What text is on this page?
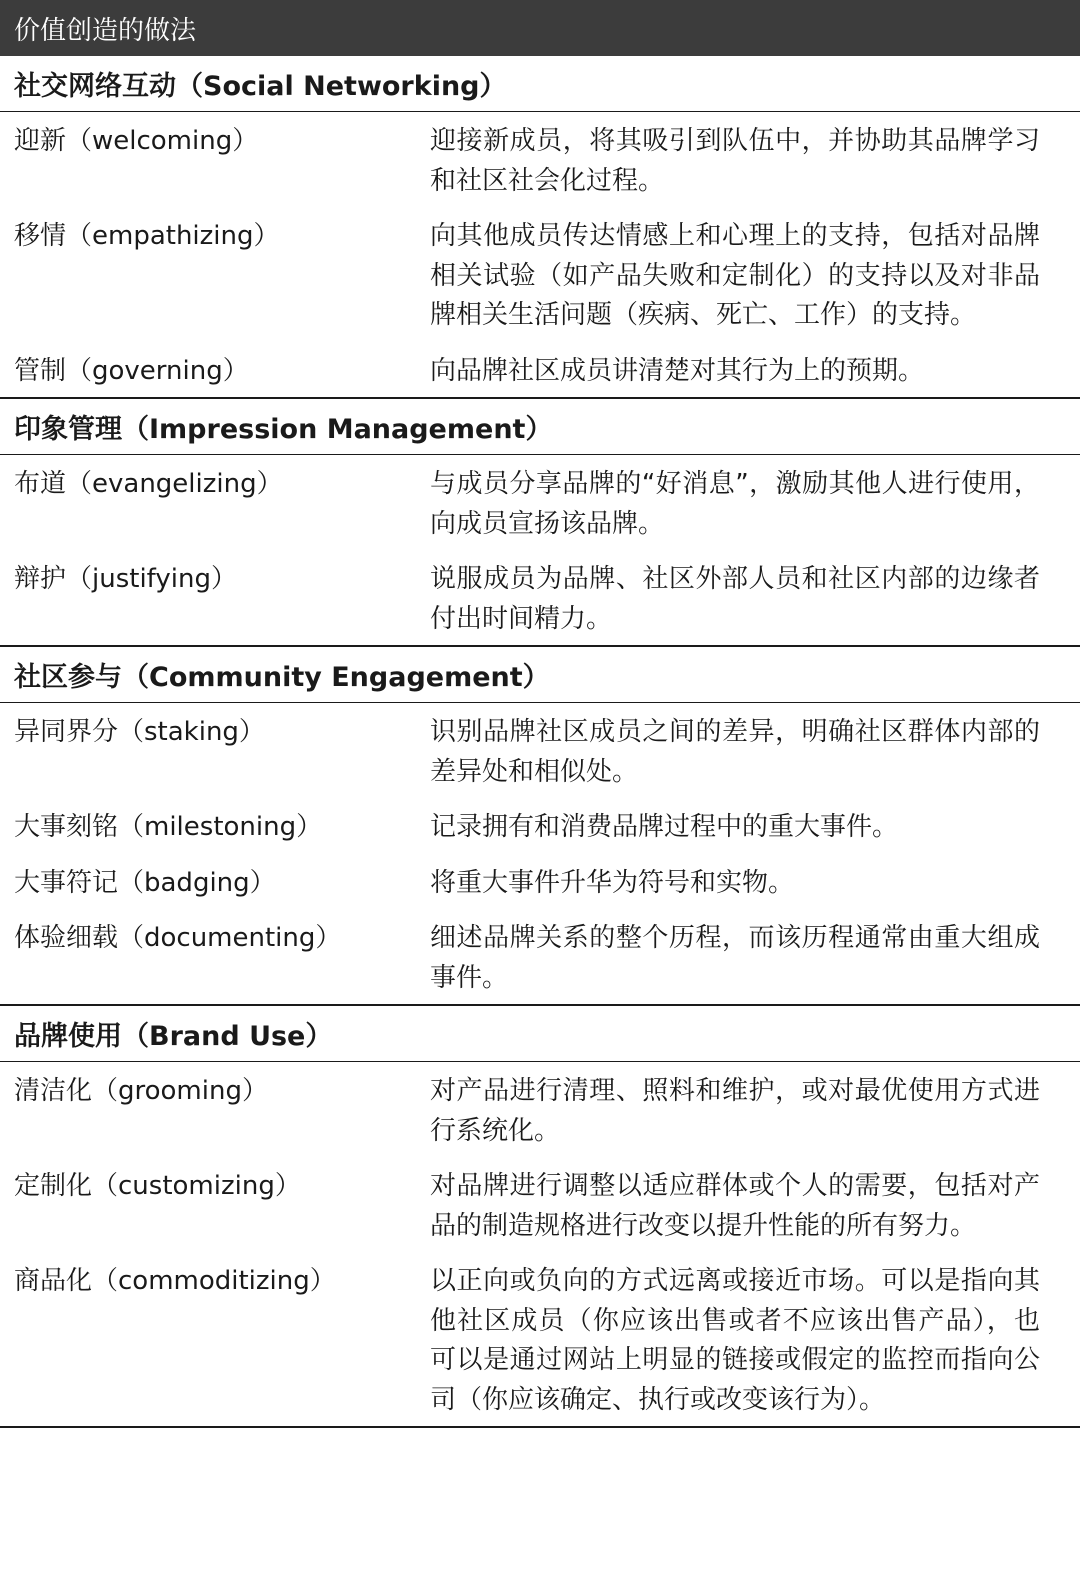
价值创造的做法
社交网络互动（Social Networking）
迎新（welcoming）	迎接新成员，将其吸引到队伍中，并协助其品牌学习和社区社会化过程。
移情（empathizing）	向其他成员传达情感上和心理上的支持，包括对品牌相关试验（如产品失败和定制化）的支持以及对非品牌相关生活问题（疾病、死亡、工作）的支持。
管制（governing）	向品牌社区成员讲清楚对其行为上的预期。
印象管理（Impression Management）
布道（evangelizing）	与成员分享品牌的“好消息”，激励其他人进行使用，向成员宣扬该品牌。
辩护（justifying）	说服成员为品牌、社区外部人员和社区内部的边缘者付出时间精力。
社区参与（Community Engagement）
异同界分（staking）	识别品牌社区成员之间的差异，明确社区群体内部的差异处和相似处。
大事刻铭（milestoning）	记录拥有和消费品牌过程中的重大事件。
大事符记（badging）	将重大事件升华为符号和实物。
体验细载（documenting）	细述品牌关系的整个历程，而该历程通常由重大组成事件。
品牌使用（Brand Use）
清洁化（grooming）	对产品进行清理、照料和维护，或对最优使用方式进行系统化。
定制化（customizing）	对品牌进行调整以适应群体或个人的需要，包括对产品的制造规格进行改变以提升性能的所有努力。
商品化（commoditizing）	以正向或负向的方式远离或接近市场。可以是指向其他社区成员（你应该出售或者不应该出售产品），也可以是通过网站上明显的链接或假定的监控而指向公司（你应该确定、执行或改变该行为）。
